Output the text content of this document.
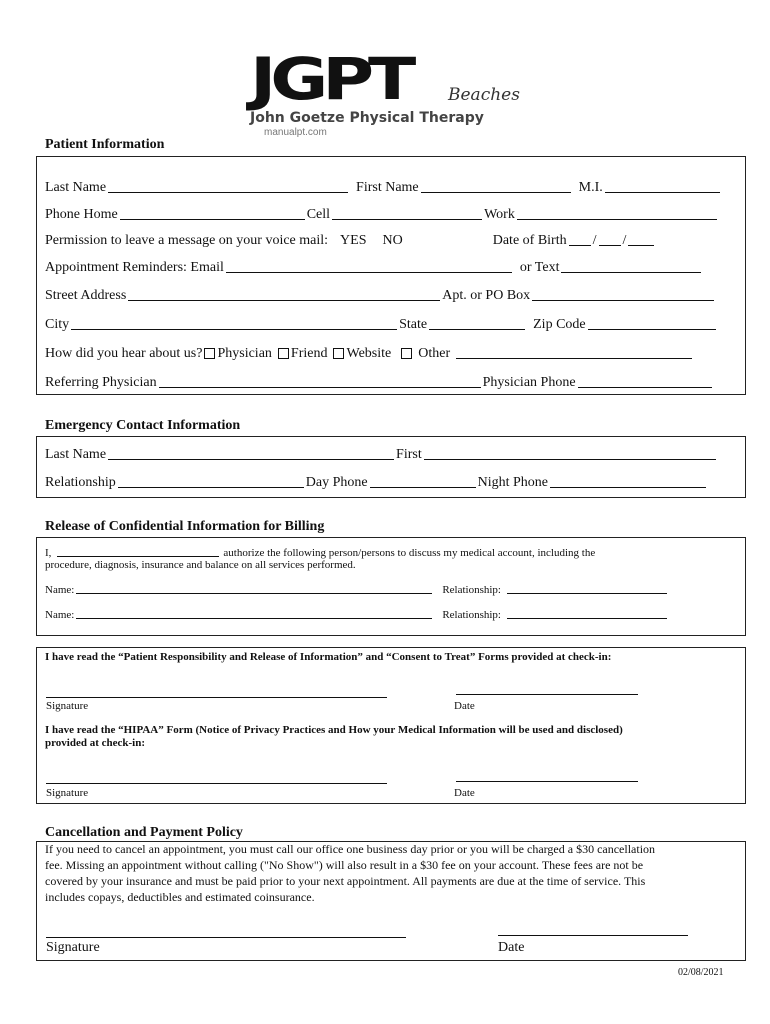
JGPT Beaches
John Goetze Physical Therapy
manualpt.com
Patient Information
Last Name	First Name	M.I.
Phone Home	Cell	Work
Permission to leave a message on your voice mail: YES NO	Date of Birth / /
Appointment Reminders: Email	or Text
Street Address	Apt. or PO Box
City	State	Zip Code
How did you hear about us? Physician Friend Website Other
Referring Physician	Physician Phone
Emergency Contact Information
Last Name	First
Relationship	Day Phone	Night Phone
Release of Confidential Information for Billing
I,	authorize the following person/persons to discuss my medical account, including the
procedure, diagnosis, insurance and balance on all services performed.
Name:	Relationship:
Name:	Relationship:
I have read the “Patient Responsibility and Release of Information” and “Consent to Treat” Forms provided at check-in:
Signature	Date
I have read the “HIPAA” Form (Notice of Privacy Practices and How your Medical Information will be used and disclosed)
provided at check-in:
Signature	Date
Cancellation and Payment Policy
If you need to cancel an appointment, you must call our office one business day prior or you will be charged a $30 cancellation
fee. Missing an appointment without calling ("No Show") will also result in a $30 fee on your account. These fees are not be
covered by your insurance and must be paid prior to your next appointment. All payments are due at the time of service. This
includes copays, deductibles and estimated coinsurance.
Signature	Date
02/08/2021
